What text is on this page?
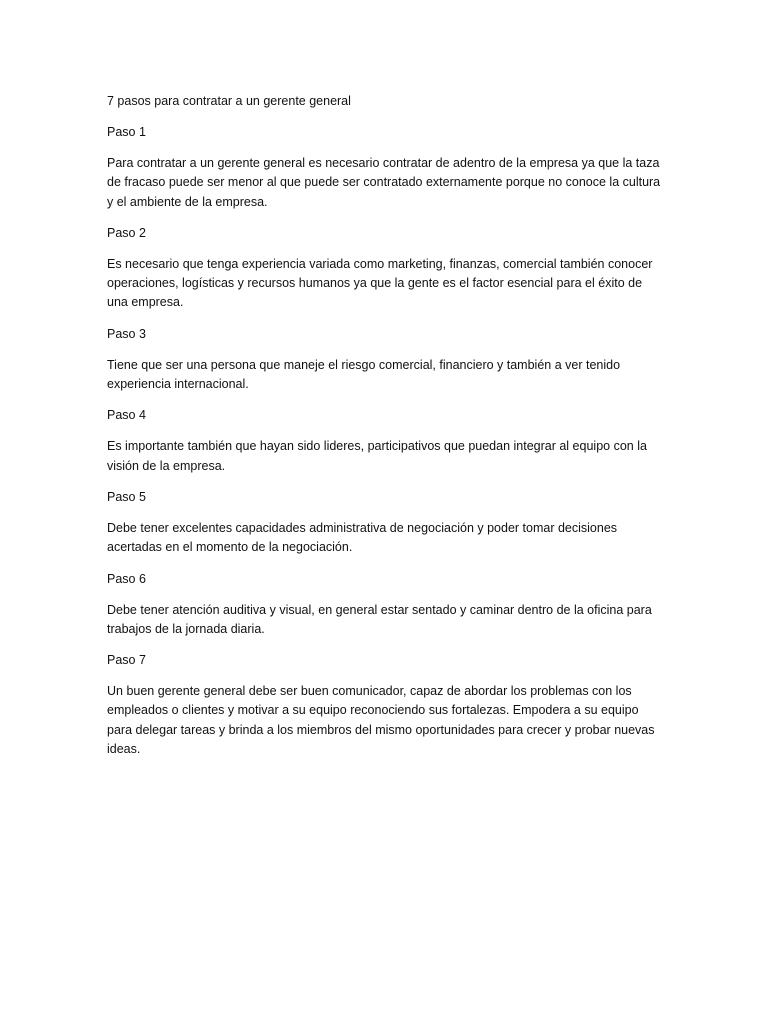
7 pasos para contratar a un gerente general

Paso 1

Para contratar a un gerente general es necesario contratar de adentro de la empresa ya que la taza de fracaso puede ser menor al que puede ser contratado externamente porque no conoce la cultura y el ambiente de la empresa.

Paso 2

Es necesario que tenga experiencia variada como marketing, finanzas, comercial también conocer operaciones, logísticas y recursos humanos ya que la gente es el factor esencial para el éxito de una empresa.

Paso 3

Tiene que ser una persona que maneje el riesgo comercial, financiero y también a ver tenido experiencia internacional.

Paso 4

Es importante también que hayan sido lideres, participativos que puedan integrar al equipo con la visión de la empresa.

Paso 5

Debe tener excelentes capacidades administrativa de negociación y poder tomar decisiones acertadas en el momento de la negociación.

Paso 6

Debe tener atención auditiva y visual, en general estar sentado y caminar dentro de la oficina para trabajos de la jornada diaria.

Paso 7

Un buen gerente general debe ser buen comunicador, capaz de abordar los problemas con los empleados o clientes y motivar a su equipo reconociendo sus fortalezas. Empodera a su equipo para delegar tareas y brinda a los miembros del mismo oportunidades para crecer y probar nuevas ideas.
